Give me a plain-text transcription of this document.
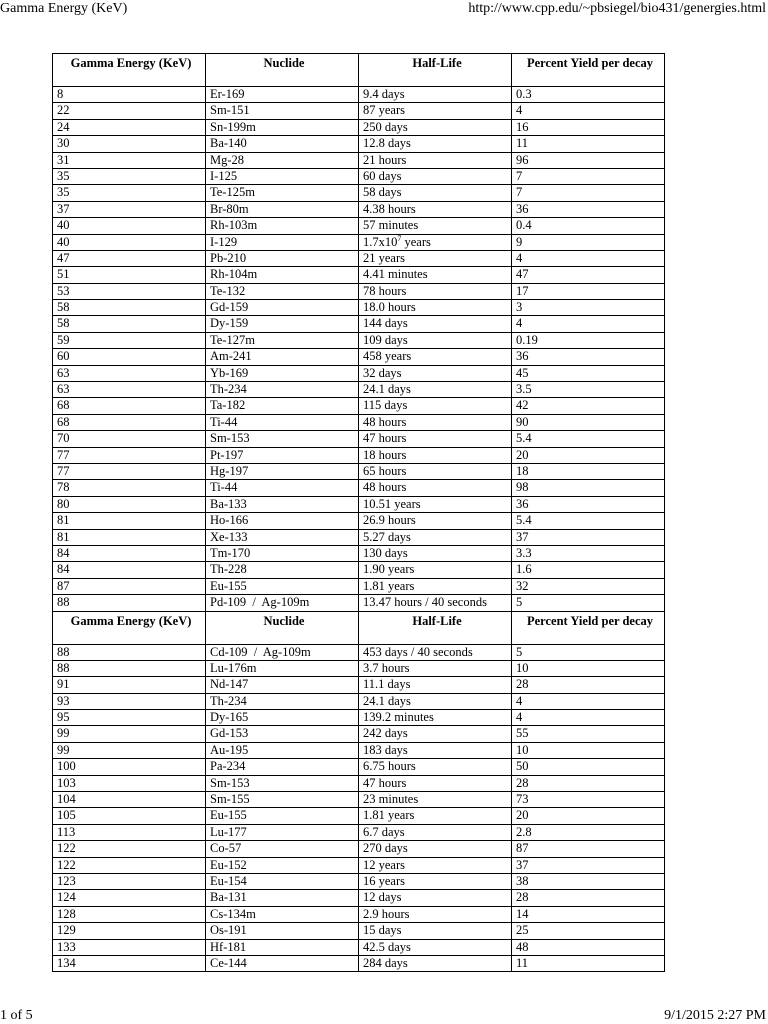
Gamma Energy (KeV)	http://www.cpp.edu/~pbsiegel/bio431/genergies.html
Gamma Energy (KeV)	Nuclide	Half-Life	Percent Yield per decay
8	Er-169	9.4 days	0.3
22	Sm-151	87 years	4
24	Sn-199m	250 days	16
30	Ba-140	12.8 days	11
31	Mg-28	21 hours	96
35	I-125	60 days	7
35	Te-125m	58 days	7
37	Br-80m	4.38 hours	36
40	Rh-103m	57 minutes	0.4
40	I-129	$1.7x10^7$ years	9
47	Pb-210	21 years	4
51	Rh-104m	4.41 minutes	47
53	Te-132	78 hours	17
58	Gd-159	18.0 hours	3
58	Dy-159	144 days	4
59	Te-127m	109 days	0.19
60	Am-241	458 years	36
63	Yb-169	32 days	45
63	Th-234	24.1 days	3.5
68	Ta-182	115 days	42
68	Ti-44	48 hours	90
70	Sm-153	47 hours	5.4
77	Pt-197	18 hours	20
77	Hg-197	65 hours	18
78	Ti-44	48 hours	98
80	Ba-133	10.51 years	36
81	Ho-166	26.9 hours	5.4
81	Xe-133	5.27 days	37
84	Tm-170	130 days	3.3
84	Th-228	1.90 years	1.6
87	Eu-155	1.81 years	32
88	Pd-109  /  Ag-109m	13.47 hours / 40 seconds	5
Gamma Energy (KeV)	Nuclide	Half-Life	Percent Yield per decay
88	Cd-109  /  Ag-109m	453 days / 40 seconds	5
88	Lu-176m	3.7 hours	10
91	Nd-147	11.1 days	28
93	Th-234	24.1 days	4
95	Dy-165	139.2 minutes	4
99	Gd-153	242 days	55
99	Au-195	183 days	10
100	Pa-234	6.75 hours	50
103	Sm-153	47 hours	28
104	Sm-155	23 minutes	73
105	Eu-155	1.81 years	20
113	Lu-177	6.7 days	2.8
122	Co-57	270 days	87
122	Eu-152	12 years	37
123	Eu-154	16 years	38
124	Ba-131	12 days	28
128	Cs-134m	2.9 hours	14
129	Os-191	15 days	25
133	Hf-181	42.5 days	48
134	Ce-144	284 days	11
1 of 5	9/1/2015 2:27 PM
